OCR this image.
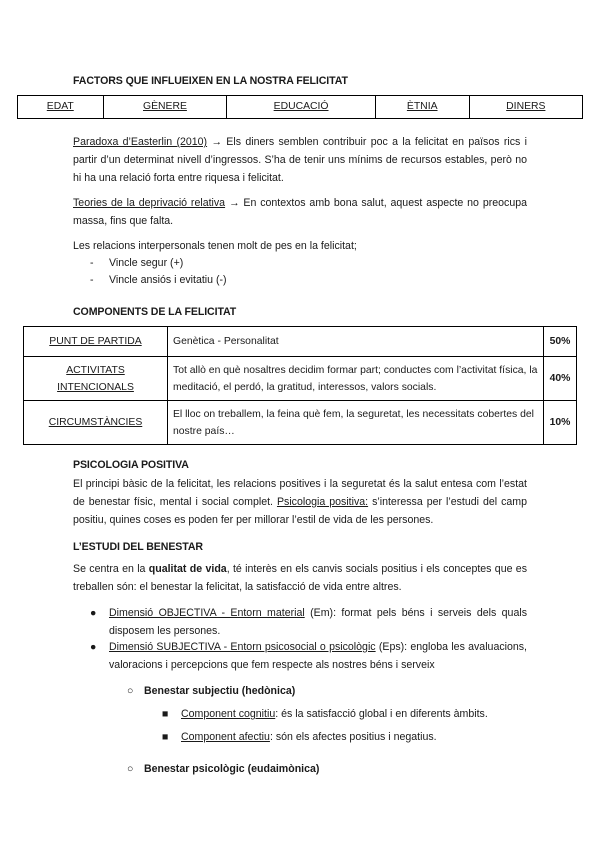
FACTORS QUE INFLUEIXEN EN LA NOSTRA FELICITAT
EDAT	GÈNERE	EDUCACIÓ	ÈTNIA	DINERS
Paradoxa d’Easterlin (2010) → Els diners semblen contribuir poc a la felicitat en països rics i partir d’un determinat nivell d’ingressos. S’ha de tenir uns mínims de recursos estables, però no hi ha una relació forta entre riquesa i felicitat.
Teories de la deprivació relativa → En contextos amb bona salut, aquest aspecte no preocupa massa, fins que falta.
Les relacions interpersonals tenen molt de pes en la felicitat;
- Vincle segur (+)
- Vincle ansiós i evitatiu (-)
COMPONENTS DE LA FELICITAT
PUNT DE PARTIDA	Genètica - Personalitat	50%
ACTIVITATS INTENCIONALS	Tot allò en què nosaltres decidim formar part; conductes com l’activitat física, la meditació, el perdó, la gratitud, interessos, valors socials.	40%
CIRCUMSTÀNCIES	El lloc on treballem, la feina què fem, la seguretat, les necessitats cobertes del nostre país…	10%
PSICOLOGIA POSITIVA
El principi bàsic de la felicitat, les relacions positives i la seguretat és la salut entesa com l’estat de benestar físic, mental i social complet. Psicologia positiva: s’interessa per l’estudi del camp positiu, quines coses es poden fer per millorar l’estil de vida de les persones.
L’ESTUDI DEL BENESTAR
Se centra en la qualitat de vida, té interès en els canvis socials positius i els conceptes que es treballen són: el benestar la felicitat, la satisfacció de vida entre altres.
● Dimensió OBJECTIVA - Entorn material (Em): format pels béns i serveis dels quals disposem les persones.
● Dimensió SUBJECTIVA - Entorn psicosocial o psicològic (Eps): engloba les avaluacions, valoracions i percepcions que fem respecte als nostres béns i serveix
○ Benestar subjectiu (hedònica)
■ Component cognitiu: és la satisfacció global i en diferents àmbits.
■ Component afectiu: són els afectes positius i negatius.
○ Benestar psicològic (eudaimònica)
